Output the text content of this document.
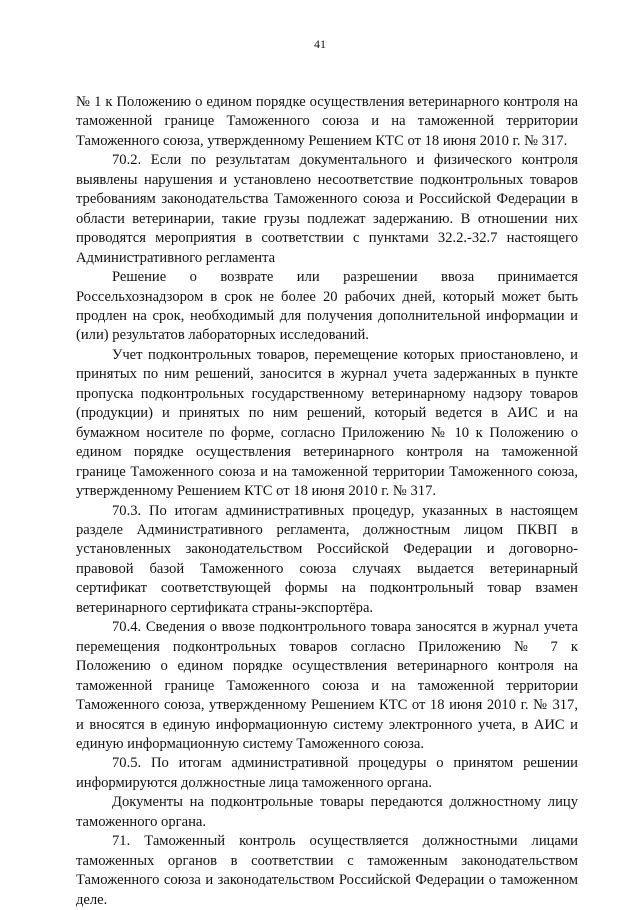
41

№ 1 к Положению о едином порядке осуществления ветеринарного контроля на таможенной границе Таможенного союза и на таможенной территории Таможенного союза, утвержденному Решением КТС от 18 июня 2010 г. № 317.

70.2. Если по результатам документального и физического контроля выявлены нарушения и установлено несоответствие подконтрольных товаров требованиям законодательства Таможенного союза и Российской Федерации в области ветеринарии, такие грузы подлежат задержанию. В отношении них проводятся мероприятия в соответствии с пунктами 32.2.-32.7 настоящего Административного регламента

Решение о возврате или разрешении ввоза принимается Россельхознадзором в срок не более 20 рабочих дней, который может быть продлен на срок, необходимый для получения дополнительной информации и (или) результатов лабораторных исследований.

Учет подконтрольных товаров, перемещение которых приостановлено, и принятых по ним решений, заносится в журнал учета задержанных в пункте пропуска подконтрольных государственному ветеринарному надзору товаров (продукции) и принятых по ним решений, который ведется в АИС и на бумажном носителе по форме, согласно Приложению № 10 к Положению о едином порядке осуществления ветеринарного контроля на таможенной границе Таможенного союза и на таможенной территории Таможенного союза, утвержденному Решением КТС от 18 июня 2010 г. № 317.

70.3. По итогам административных процедур, указанных в настоящем разделе Административного регламента, должностным лицом ПКВП в установленных законодательством Российской Федерации и договорно-правовой базой Таможенного союза случаях выдается ветеринарный сертификат соответствующей формы на подконтрольный товар взамен ветеринарного сертификата страны-экспортёра.

70.4. Сведения о ввозе подконтрольного товара заносятся в журнал учета перемещения подконтрольных товаров согласно Приложению № 7 к Положению о едином порядке осуществления ветеринарного контроля на таможенной границе Таможенного союза и на таможенной территории Таможенного союза, утвержденному Решением КТС от 18 июня 2010 г. № 317, и вносятся в единую информационную систему электронного учета, в АИС и единую информационную систему Таможенного союза.

70.5. По итогам административной процедуры о принятом решении информируются должностные лица таможенного органа.

Документы на подконтрольные товары передаются должностному лицу таможенного органа.

71. Таможенный контроль осуществляется должностными лицами таможенных органов в соответствии с таможенным законодательством Таможенного союза и законодательством Российской Федерации о таможенном деле.
